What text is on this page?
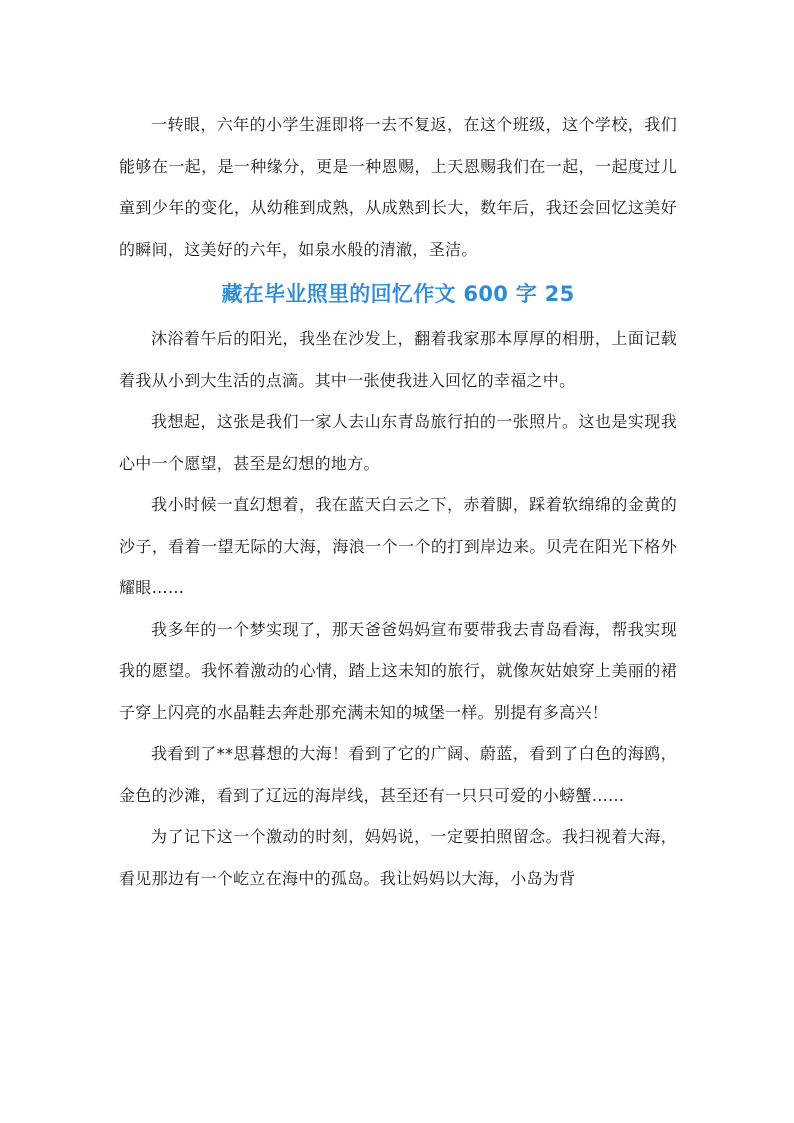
一转眼，六年的小学生涯即将一去不复返，在这个班级，这个学校，我们能够在一起，是一种缘分，更是一种恩赐，上天恩赐我们在一起，一起度过儿童到少年的变化，从幼稚到成熟，从成熟到长大，数年后，我还会回忆这美好的瞬间，这美好的六年，如泉水般的清澈，圣洁。

藏在毕业照里的回忆作文 600 字 25

沐浴着午后的阳光，我坐在沙发上，翻着我家那本厚厚的相册，上面记载着我从小到大生活的点滴。其中一张使我进入回忆的幸福之中。

我想起，这张是我们一家人去山东青岛旅行拍的一张照片。这也是实现我心中一个愿望，甚至是幻想的地方。

我小时候一直幻想着，我在蓝天白云之下，赤着脚，踩着软绵绵的金黄的沙子，看着一望无际的大海，海浪一个一个的打到岸边来。贝壳在阳光下格外耀眼……

我多年的一个梦实现了，那天爸爸妈妈宣布要带我去青岛看海，帮我实现我的愿望。我怀着激动的心情，踏上这未知的旅行，就像灰姑娘穿上美丽的裙子穿上闪亮的水晶鞋去奔赴那充满未知的城堡一样。别提有多高兴！

我看到了**思暮想的大海！看到了它的广阔、蔚蓝，看到了白色的海鸥，金色的沙滩，看到了辽远的海岸线，甚至还有一只只可爱的小螃蟹……

为了记下这一个激动的时刻，妈妈说，一定要拍照留念。我扫视着大海，看见那边有一个屹立在海中的孤岛。我让妈妈以大海，小岛为背
